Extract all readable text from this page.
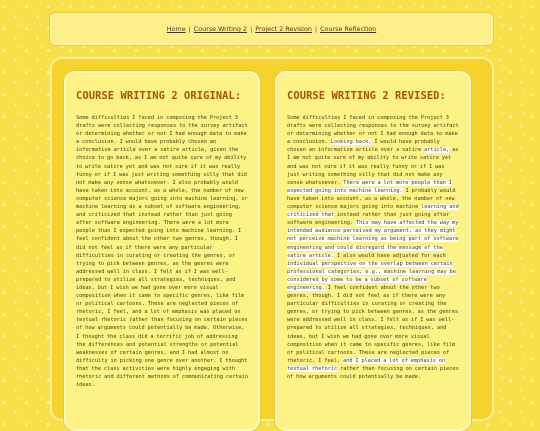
Home | Course Writing 2 | Project 2 Revision | Course Reflection
COURSE WRITING 2 ORIGINAL:

Some difficulties I faced in composing the Project 3 drafts were collecting responses to the survey artifact or determining whether or not I had enough data to make a conclusion. I would have probably chosen an informative article over a satire article, given the choice to go back, as I am not quite sure of my ability to write satire yet and was not sure if it was really funny or if I was just writing something silly that did not make any sense whatsoever. I also probably would have taken into account, as a whole, the number of new computer science majors going into machine learning, or machine learning as a subset of software engineering, and criticized that instead rather than just going after software engineering. There were a lot more people than I expected going into machine learning. I feel confident about the other two genres, though. I did not feel as if there were any particular difficulties in curating or creating the genres, or trying to pick between genres, as the genres were addressed well in class. I felt as if I was well-prepared to utilize all strategies, techniques, and ideas, but I wish we had gone over more visual composition when it came to specific genres, like film or political cartoons. These are neglected pieces of rhetoric, I feel, and a lot of emphasis was placed on textual rhetoric rather than focusing on certain pieces of how arguments could potentially be made. Otherwise, I thought the class did a terrific job of addressing the differences and potential strengths or potential weaknesses of certain genres, and I had almost no difficulty in picking one genre over another. I thought that the class activities were highly engaging with rhetoric and different methods of communicating certain ideas.

COURSE WRITING 2 REVISED:

Some difficulties I faced in composing the Project 3 drafts were collecting responses to the survey artifact or determining whether or not I had enough data to make a conclusion. Looking back, I would have probably chosen an informative article over a satire article, as I am not quite sure of my ability to write satire yet and was not sure if it was really funny or if I was just writing something silly that did not make any sense whatsoever. There were a lot more people than I expected going into machine learning. I probably would have taken into account, as a whole, the number of new computer science majors going into machine learning and criticized that instead rather than just going after software engineering. This may have affected the way my intended audience perceived my argument, as they might not perceive machine learning as being part of software engineering and could disregard the message of the satire article. I also would have adjusted for each individual perspective on the overlap between certain professional categories; e.g., machine learning may be considered by some to be a subset of software engineering. I feel confident about the other two genres, though. I did not feel as if there were any particular difficulties in curating or creating the genres, or trying to pick between genres, as the genres were addressed well in class. I felt as if I was well-prepared to utilize all strategies, techniques, and ideas, but I wish we had gone over more visual composition when it came to specific genres, like film or political cartoons. These are neglected pieces of rhetoric, I feel, and I placed a lot of emphasis on textual rhetoric rather than focusing on certain pieces of how arguments could potentially be made.
